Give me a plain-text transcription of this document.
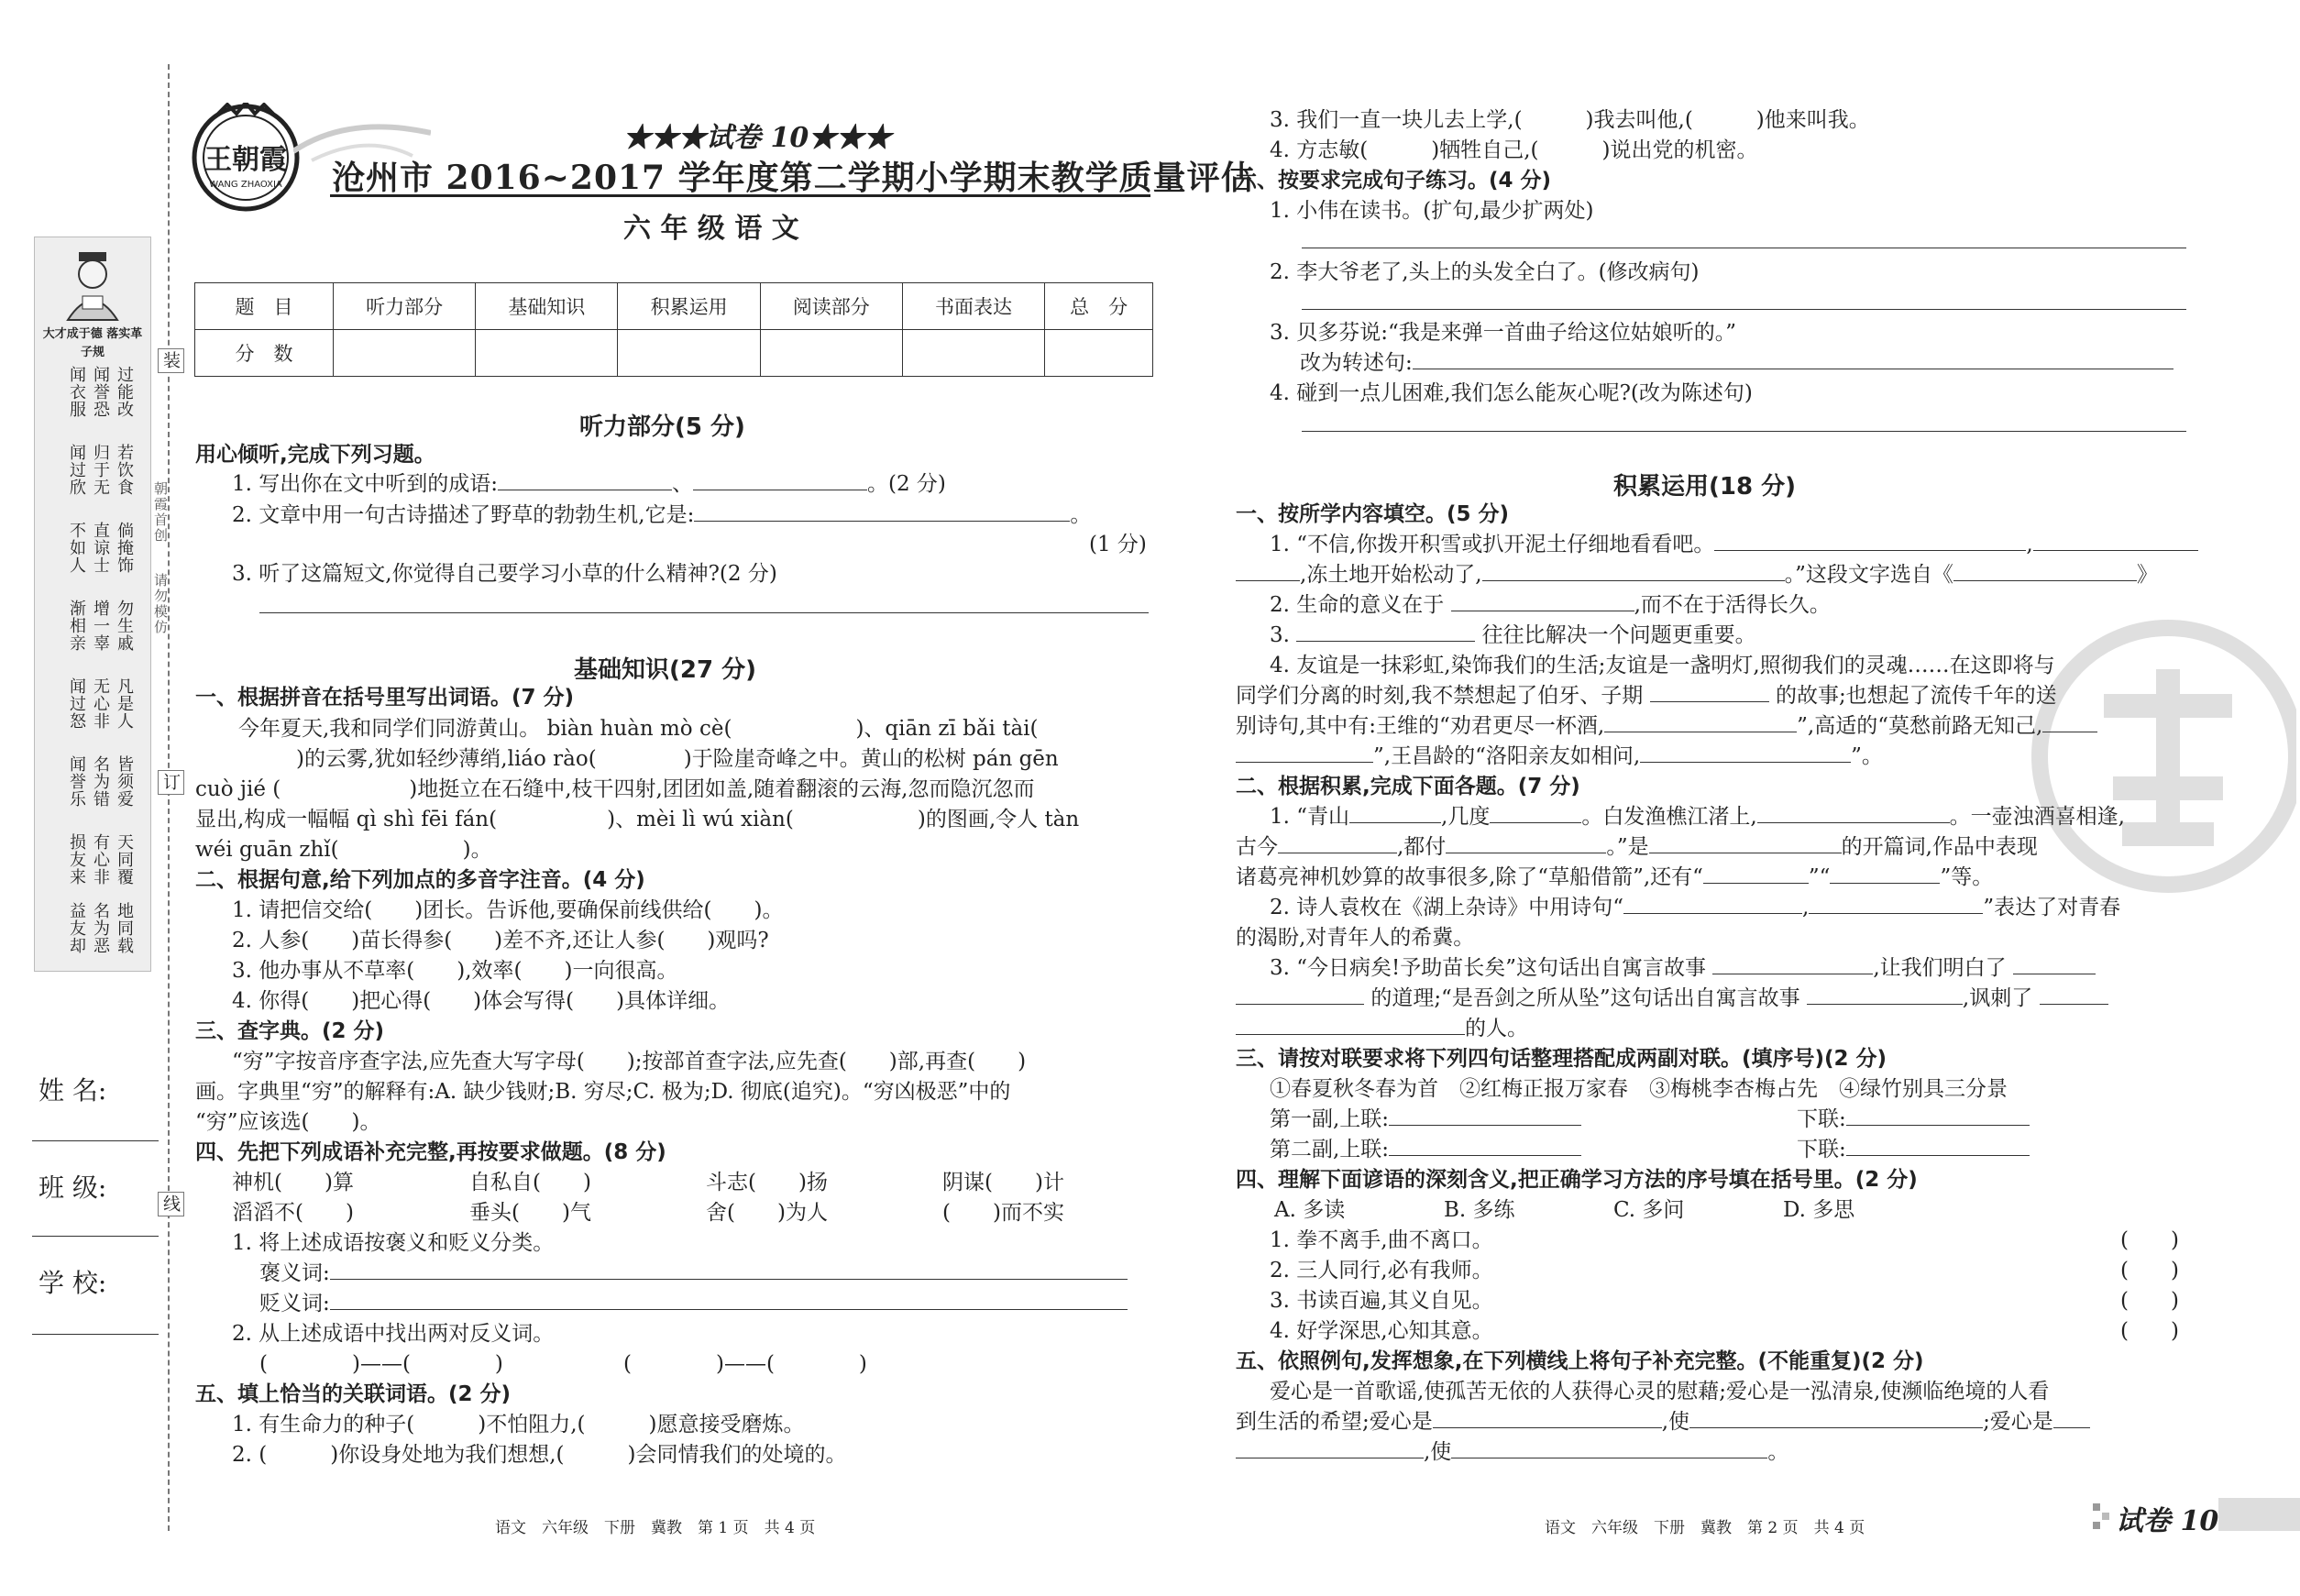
大才成于德 落实革子规
过能改
闻誉恐
闻衣服
若饮食
归于无
闻过欣
倘掩饰
直谅士
不如人
勿生戚
增一辜
渐相亲
凡是人
无心非
闻过怒
皆须爱
名为错
闻誉乐
天同覆
有心非
损友来
地同载
名为恶
益友却
装
订
线
朝霞首创
请勿模仿
姓 名:
班 级:
学 校:
王朝霞
WANG ZHAOXIA
★★★试卷 10★★★
沧州市 2016~2017 学年度第二学期小学期末教学质量评估
六 年 级 语 文
题　目	听力部分	基础知识	积累运用	阅读部分	书面表达	总　分
分　数						
听力部分(5 分)
用心倾听,完成下列习题。
1. 写出你在文中听到的成语:	、	。(2 分)
2. 文章中用一句古诗描述了野草的勃勃生机,它是:	。
(1 分)
3. 听了这篇短文,你觉得自己要学习小草的什么精神?(2 分)
基础知识(27 分)
一、根据拼音在括号里写出词语。(7 分)
今年夏天,我和同学们同游黄山。 biàn huàn mò cè(	)、qiān zī bǎi tài(
)的云雾,犹如轻纱薄绡,liáo rào(	)于险崖奇峰之中。黄山的松树 pán gēn
cuò jié (	)地挺立在石缝中,枝干四射,团团如盖,随着翻滚的云海,忽而隐沉忽而
显出,构成一幅幅 qì shì fēi fán(	)、mèi lì wú xiàn(	)的图画,令人 tàn
wéi guān zhǐ(	)。
二、根据句意,给下列加点的多音字注音。(4 分)
1. 请把信交给(　　)团长。告诉他,要确保前线供给(　　)。
2. 人参(　　)苗长得参(　　)差不齐,还让人参(　　)观吗?
3. 他办事从不草率(　　),效率(　　)一向很高。
4. 你得(　　)把心得(　　)体会写得(　　)具体详细。
三、查字典。(2 分)
“穷”字按音序查字法,应先查大写字母(　　);按部首查字法,应先查(　　)部,再查(　　)
画。字典里“穷”的解释有:A. 缺少钱财;B. 穷尽;C. 极为;D. 彻底(追究)。“穷凶极恶”中的
“穷”应该选(　　)。
四、先把下列成语补充完整,再按要求做题。(8 分)
神机(　　)算	自私自(　　)	斗志(　　)扬	阴谋(　　)计
滔滔不(　　)	垂头(　　)气	舍(　　)为人	(　　)而不实
1. 将上述成语按褒义和贬义分类。
褒义词:
贬义词:
2. 从上述成语中找出两对反义词。
(　　　　)——(　　　　)	(　　　　)——(　　　　)
五、填上恰当的关联词语。(2 分)
1. 有生命力的种子(　　　)不怕阻力,(　　　)愿意接受磨炼。
2. (　　　)你设身处地为我们想想,(　　　)会同情我们的处境的。
语文　六年级　下册　冀教　第 1 页　共 4 页
3. 我们一直一块儿去上学,(　　　)我去叫他,(　　　)他来叫我。
4. 方志敏(　　　)牺牲自己,(　　　)说出党的机密。
六、按要求完成句子练习。(4 分)
1. 小伟在读书。(扩句,最少扩两处)
2. 李大爷老了,头上的头发全白了。(修改病句)
3. 贝多芬说:“我是来弹一首曲子给这位姑娘听的。”
改为转述句:
4. 碰到一点儿困难,我们怎么能灰心呢?(改为陈述句)
积累运用(18 分)
一、按所学内容填空。(5 分)
1. “不信,你拨开积雪或扒开泥土仔细地看看吧。	,
,冻土地开始松动了,	。”这段文字选自《	》
2. 生命的意义在于	,而不在于活得长久。
3.	往往比解决一个问题更重要。
4. 友谊是一抹彩虹,染饰我们的生活;友谊是一盏明灯,照彻我们的灵魂……在这即将与
同学们分离的时刻,我不禁想起了伯牙、子期	的故事;也想起了流传千年的送
别诗句,其中有:王维的“劝君更尽一杯酒,	”,高适的“莫愁前路无知己,
”,王昌龄的“洛阳亲友如相问,	”。
二、根据积累,完成下面各题。(7 分)
1. “青山	,几度	。白发渔樵江渚上,	。一壶浊酒喜相逢,
古今	,都付	。”是	的开篇词,作品中表现
诸葛亮神机妙算的故事很多,除了“草船借箭”,还有“	”“	”等。
2. 诗人袁枚在《湖上杂诗》中用诗句“	,	”表达了对青春
的渴盼,对青年人的希冀。
3. “今日病矣!予助苗长矣”这句话出自寓言故事	,让我们明白了
的道理;“是吾剑之所从坠”这句话出自寓言故事	,讽刺了
的人。
三、请按对联要求将下列四句话整理搭配成两副对联。(填序号)(2 分)
①春夏秋冬春为首　②红梅正报万家春　③梅桃李杏梅占先　④绿竹别具三分景
第一副,上联:	下联:
第二副,上联:	下联:
四、理解下面谚语的深刻含义,把正确学习方法的序号填在括号里。(2 分)
A. 多读	B. 多练	C. 多问	D. 多思
1. 拳不离手,曲不离口。	(　　)
2. 三人同行,必有我师。	(　　)
3. 书读百遍,其义自见。	(　　)
4. 好学深思,心知其意。	(　　)
五、依照例句,发挥想象,在下列横线上将句子补充完整。(不能重复)(2 分)
爱心是一首歌谣,使孤苦无依的人获得心灵的慰藉;爱心是一泓清泉,使濒临绝境的人看
到生活的希望;爱心是	,使	;爱心是
,使	。
语文　六年级　下册　冀教　第 2 页　共 4 页	试卷 10
